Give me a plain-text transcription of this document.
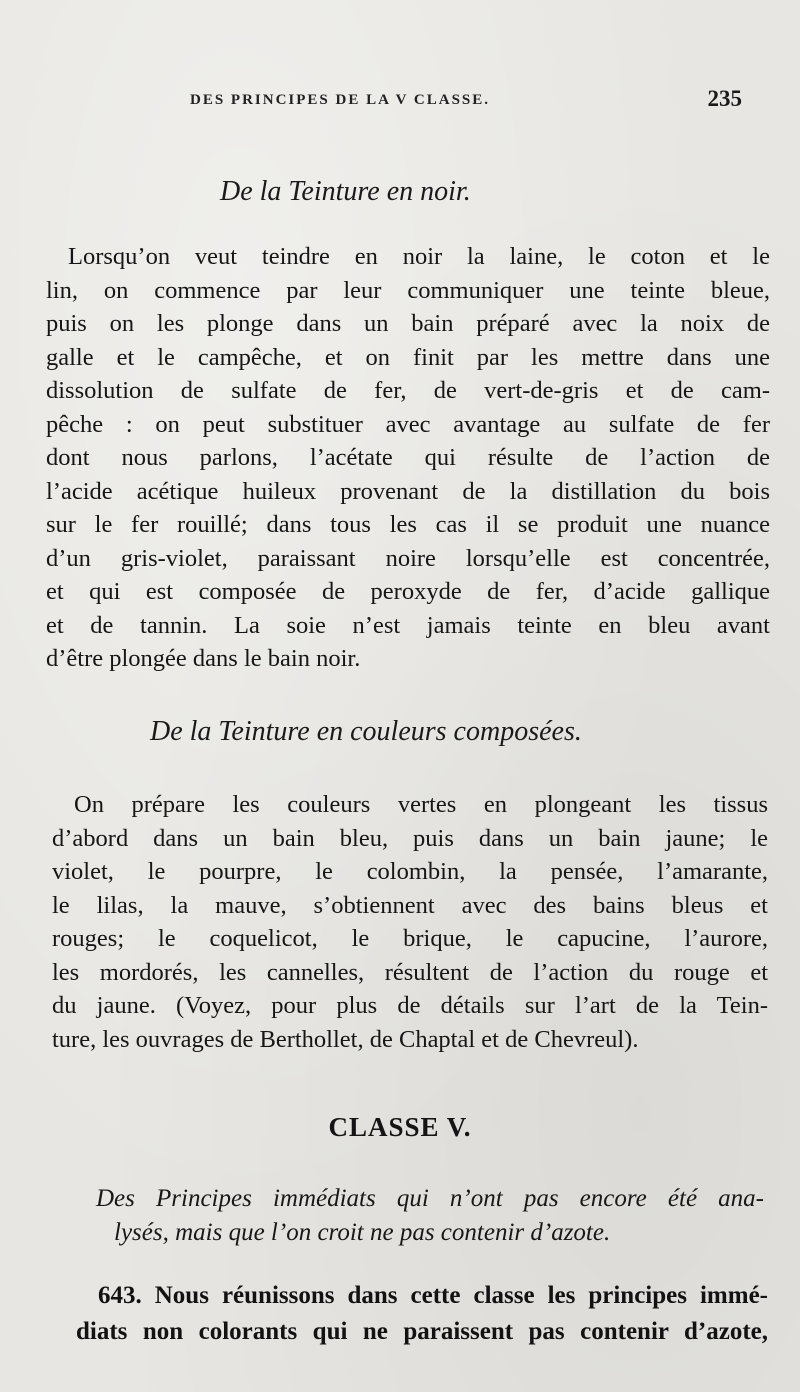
DES PRINCIPES DE LA V CLASSE.	235
De la Teinture en noir.
Lorsqu’on veut teindre en noir la laine, le coton et le
lin, on commence par leur communiquer une teinte bleue,
puis on les plonge dans un bain préparé avec la noix de
galle et le campêche, et on finit par les mettre dans une
dissolution de sulfate de fer, de vert-de-gris et de cam-
pêche : on peut substituer avec avantage au sulfate de fer
dont nous parlons, l’acétate qui résulte de l’action de
l’acide acétique huileux provenant de la distillation du bois
sur le fer rouillé; dans tous les cas il se produit une nuance
d’un gris-violet, paraissant noire lorsqu’elle est concentrée,
et qui est composée de peroxyde de fer, d’acide gallique
et de tannin. La soie n’est jamais teinte en bleu avant
d’être plongée dans le bain noir.
De la Teinture en couleurs composées.
On prépare les couleurs vertes en plongeant les tissus
d’abord dans un bain bleu, puis dans un bain jaune; le
violet, le pourpre, le colombin, la pensée, l’amarante,
le lilas, la mauve, s’obtiennent avec des bains bleus et
rouges; le coquelicot, le brique, le capucine, l’aurore,
les mordorés, les cannelles, résultent de l’action du rouge et
du jaune. (Voyez, pour plus de détails sur l’art de la Tein-
ture, les ouvrages de Berthollet, de Chaptal et de Chevreul).
CLASSE V.
Des Principes immédiats qui n’ont pas encore été ana-
lysés, mais que l’on croit ne pas contenir d’azote.
643. Nous réunissons dans cette classe les principes immé-
diats non colorants qui ne paraissent pas contenir d’azote,
